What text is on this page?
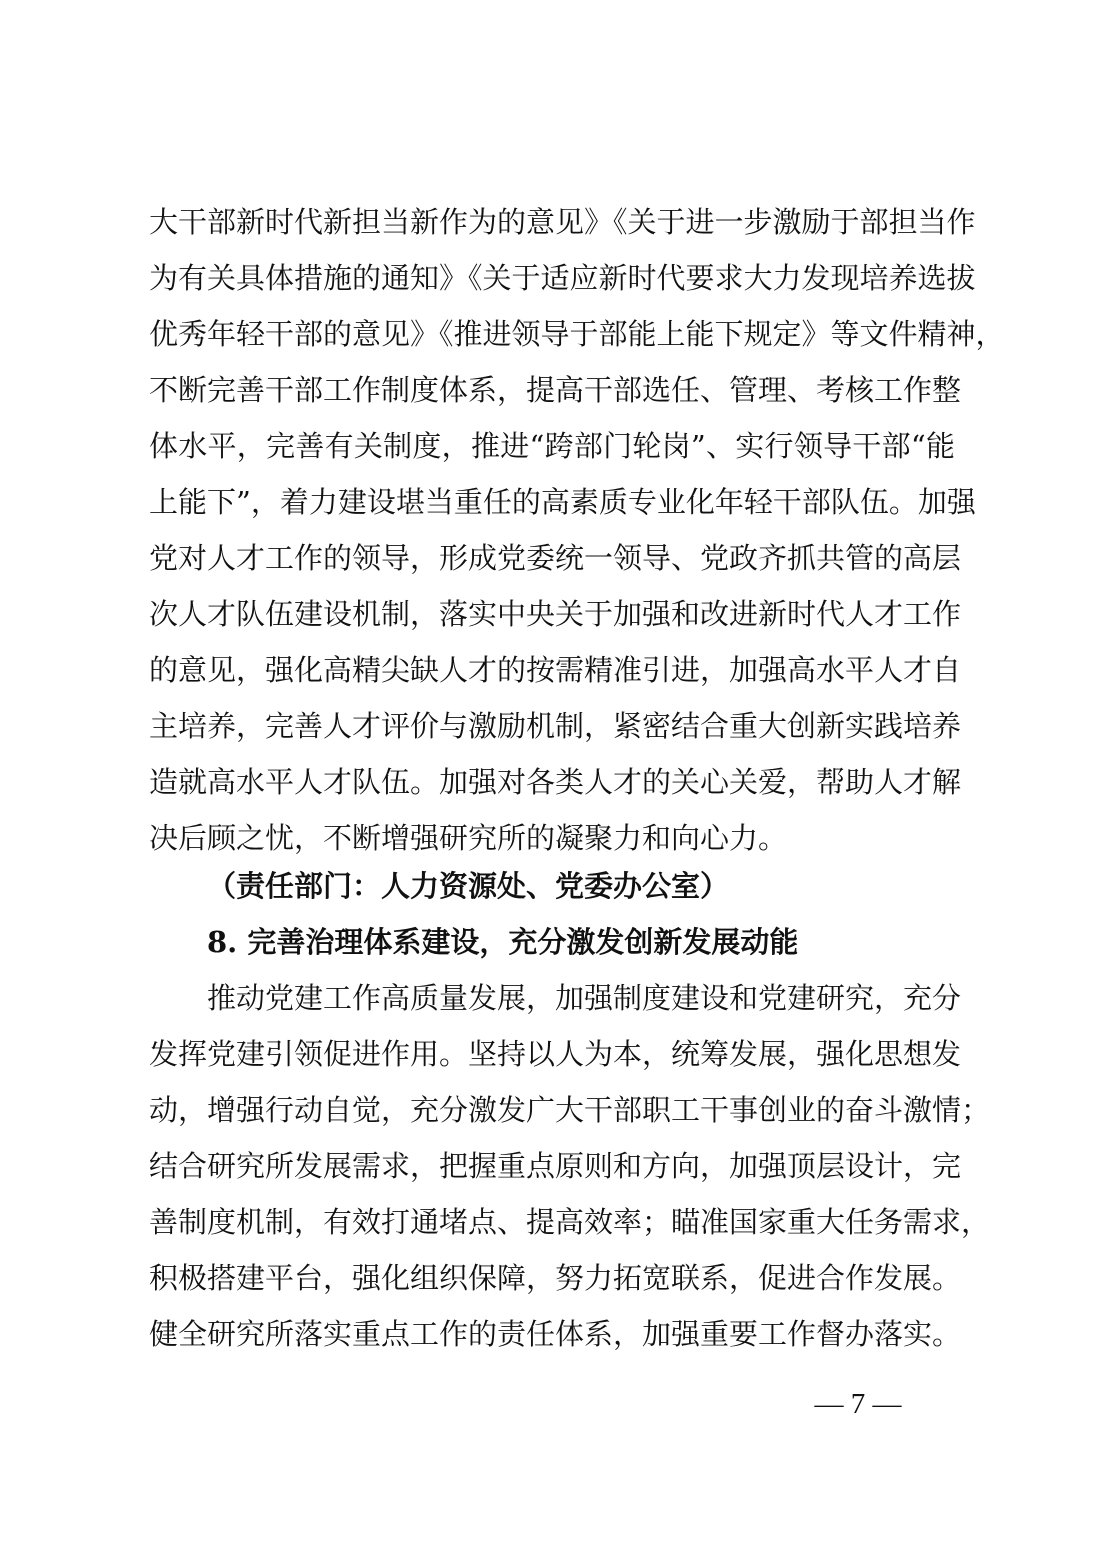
大干部新时代新担当新作为的意见》《关于进一步激励于部担当作
为有关具体措施的通知》《关于适应新时代要求大力发现培养选拔
优秀年轻干部的意见》《推进领导于部能上能下规定》等文件精神，
不断完善干部工作制度体系，提高干部选任、管理、考核工作整
体水平，完善有关制度，推进“跨部门轮岗”、实行领导干部“能
上能下”，着力建设堪当重任的高素质专业化年轻干部队伍。加强
党对人才工作的领导，形成党委统一领导、党政齐抓共管的高层
次人才队伍建设机制，落实中央关于加强和改进新时代人才工作
的意见，强化高精尖缺人才的按需精准引进，加强高水平人才自
主培养，完善人才评价与激励机制，紧密结合重大创新实践培养
造就高水平人才队伍。加强对各类人才的关心关爱，帮助人才解
决后顾之忧，不断增强研究所的凝聚力和向心力。
（责任部门：人力资源处、党委办公室）
8. 完善治理体系建设，充分激发创新发展动能
推动党建工作高质量发展，加强制度建设和党建研究，充分
发挥党建引领促进作用。坚持以人为本，统筹发展，强化思想发
动，增强行动自觉，充分激发广大干部职工干事创业的奋斗激情；
结合研究所发展需求，把握重点原则和方向，加强顶层设计，完
善制度机制，有效打通堵点、提高效率；瞄准国家重大任务需求，
积极搭建平台，强化组织保障，努力拓宽联系，促进合作发展。
健全研究所落实重点工作的责任体系，加强重要工作督办落实。
— 7 —
